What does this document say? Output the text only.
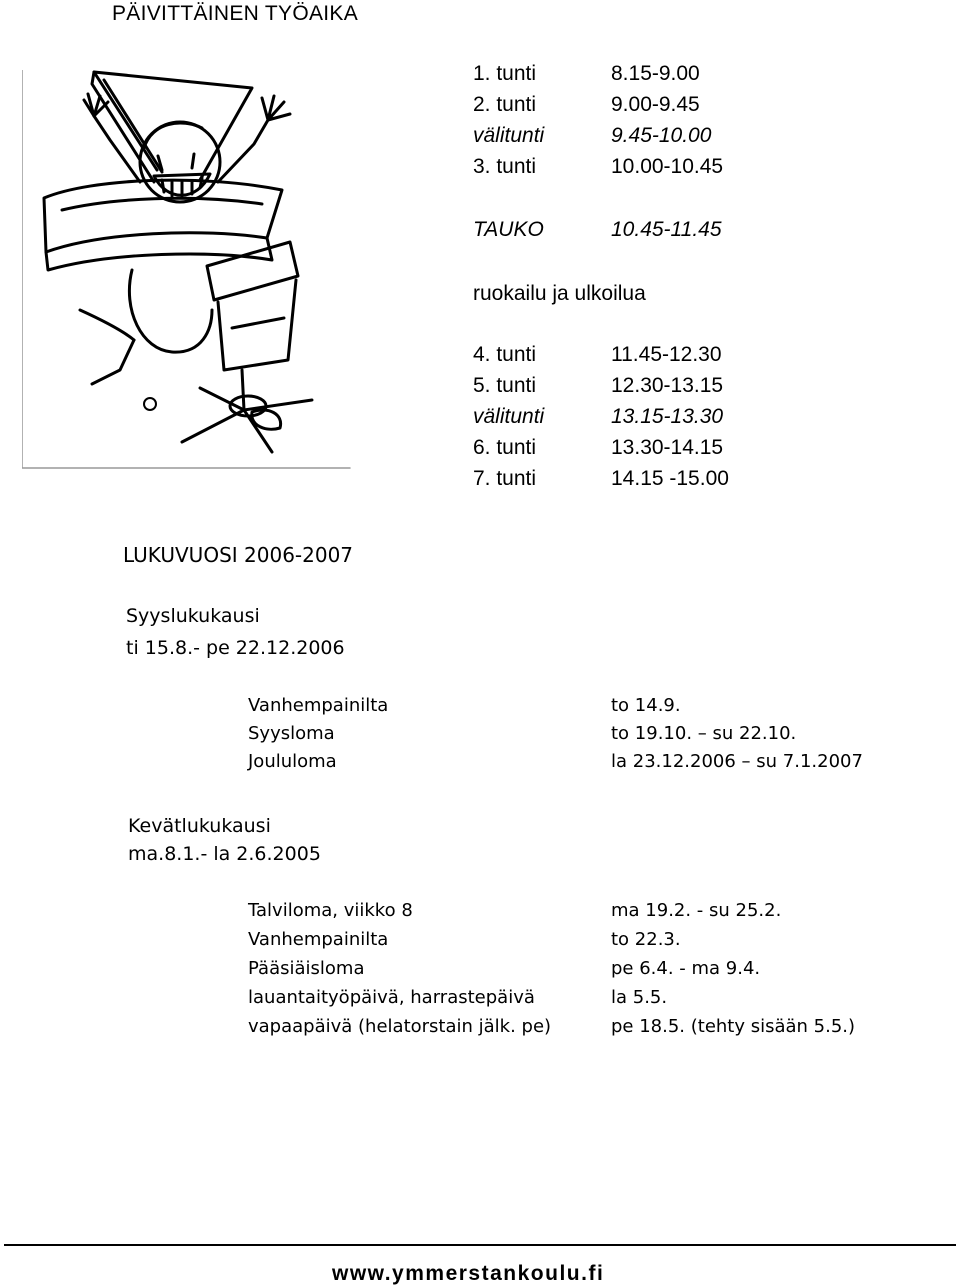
PÄIVITTÄINEN TYÖAIKA
1. tunti	8.15-9.00
2. tunti	9.00-9.45
välitunti	9.45-10.00
3. tunti	10.00-10.45
TAUKO	10.45-11.45
ruokailu ja ulkoilua
4. tunti	11.45-12.30
5. tunti	12.30-13.15
välitunti	13.15-13.30
6. tunti	13.30-14.15
7. tunti	14.15 -15.00
LUKUVUOSI 2006-2007
Syyslukukausi
ti 15.8.- pe 22.12.2006
Vanhempainilta	to 14.9.
Syysloma	to 19.10. – su 22.10.
Joululoma	la 23.12.2006 – su 7.1.2007
Kevätlukukausi
ma.8.1.- la 2.6.2005
Talviloma, viikko 8	ma 19.2. - su 25.2.
Vanhempainilta	to 22.3.
Pääsiäisloma	pe 6.4. - ma 9.4.
lauantaityöpäivä, harrastepäivä	la 5.5.
vapaapäivä (helatorstain jälk. pe)	pe 18.5. (tehty sisään 5.5.)
www.ymmerstankoulu.fi
